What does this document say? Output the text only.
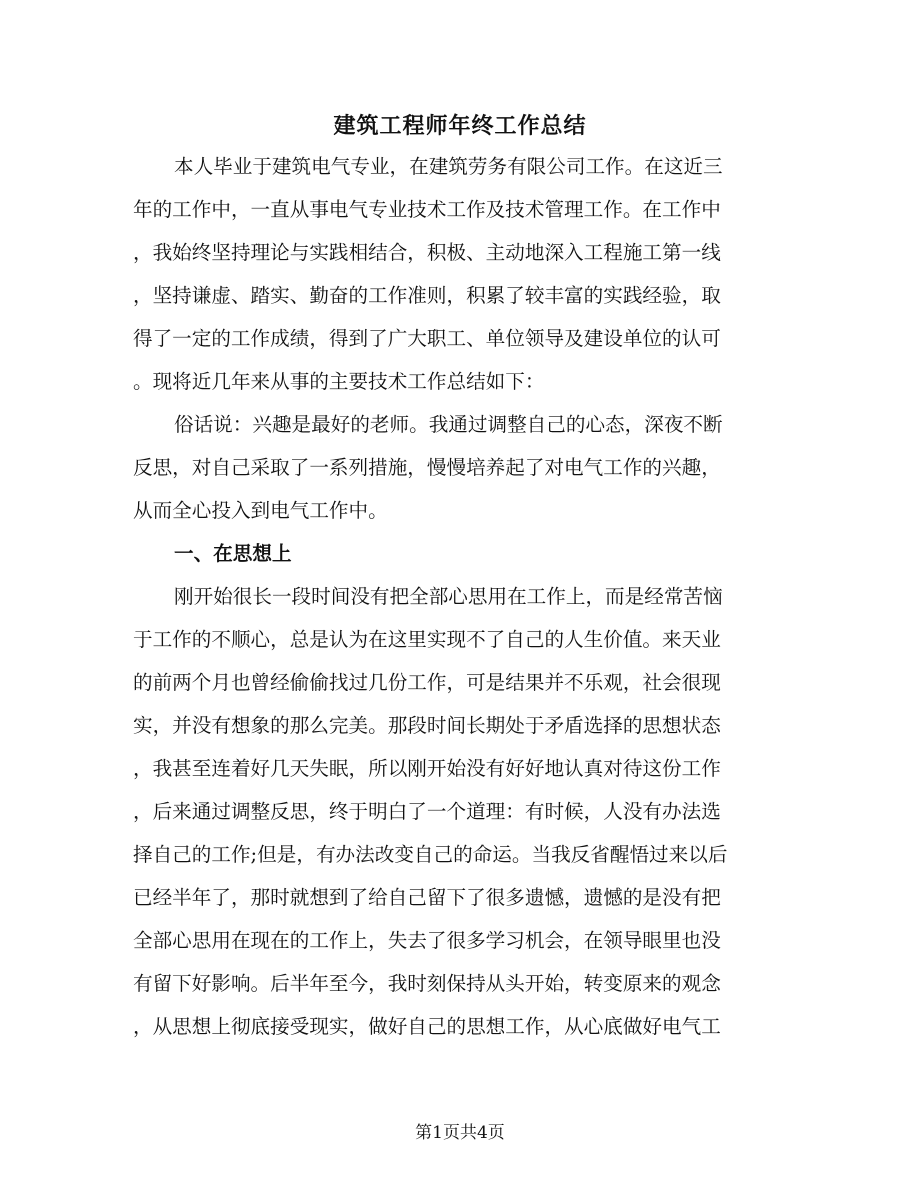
建筑工程师年终工作总结
本人毕业于建筑电气专业，在建筑劳务有限公司工作。在这近三
年的工作中，一直从事电气专业技术工作及技术管理工作。在工作中
，我始终坚持理论与实践相结合，积极、主动地深入工程施工第一线
，坚持谦虚、踏实、勤奋的工作准则，积累了较丰富的实践经验，取
得了一定的工作成绩，得到了广大职工、单位领导及建设单位的认可
。现将近几年来从事的主要技术工作总结如下：
俗话说：兴趣是最好的老师。我通过调整自己的心态，深夜不断
反思，对自己采取了一系列措施，慢慢培养起了对电气工作的兴趣，
从而全心投入到电气工作中。
一、在思想上
刚开始很长一段时间没有把全部心思用在工作上，而是经常苦恼
于工作的不顺心，总是认为在这里实现不了自己的人生价值。来天业
的前两个月也曾经偷偷找过几份工作，可是结果并不乐观，社会很现
实，并没有想象的那么完美。那段时间长期处于矛盾选择的思想状态
，我甚至连着好几天失眠，所以刚开始没有好好地认真对待这份工作
，后来通过调整反思，终于明白了一个道理：有时候，人没有办法选
择自己的工作;但是，有办法改变自己的命运。当我反省醒悟过来以后
已经半年了，那时就想到了给自己留下了很多遗憾，遗憾的是没有把
全部心思用在现在的工作上，失去了很多学习机会，在领导眼里也没
有留下好影响。后半年至今，我时刻保持从头开始，转变原来的观念
，从思想上彻底接受现实，做好自己的思想工作，从心底做好电气工
第1页共4页
